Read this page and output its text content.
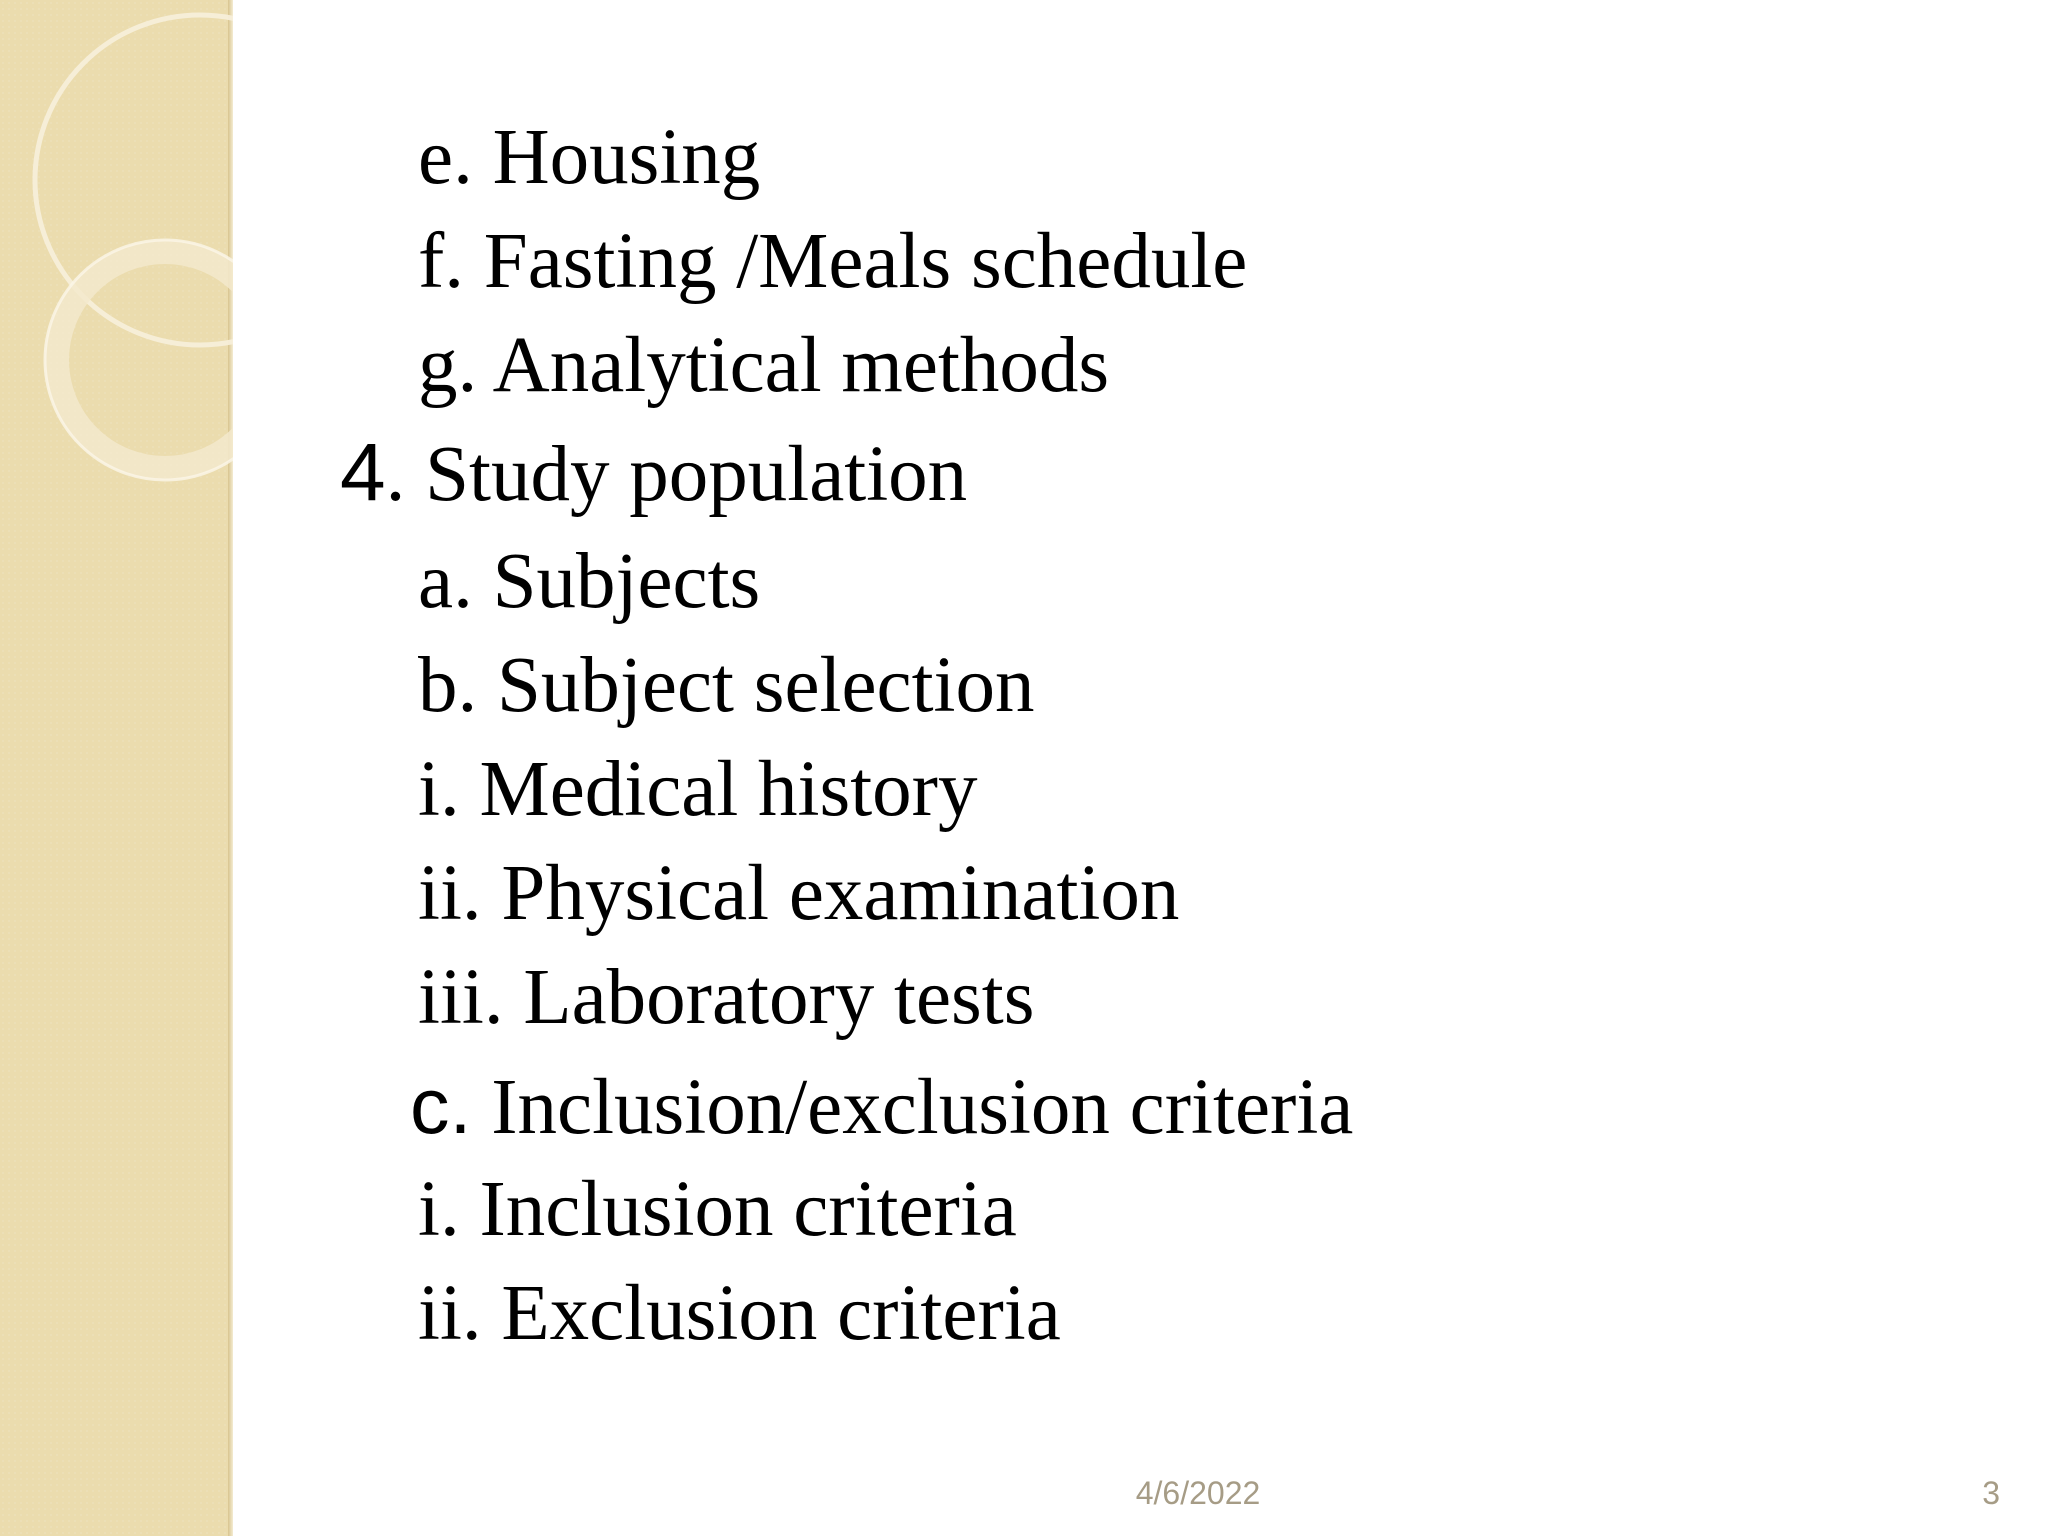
e. Housing
f. Fasting /Meals schedule
g. Analytical methods
4. Study population
a. Subjects
b. Subject selection
i. Medical history
ii. Physical examination
iii. Laboratory tests
c. Inclusion/exclusion criteria
i. Inclusion criteria
ii. Exclusion criteria
4/6/2022	3
